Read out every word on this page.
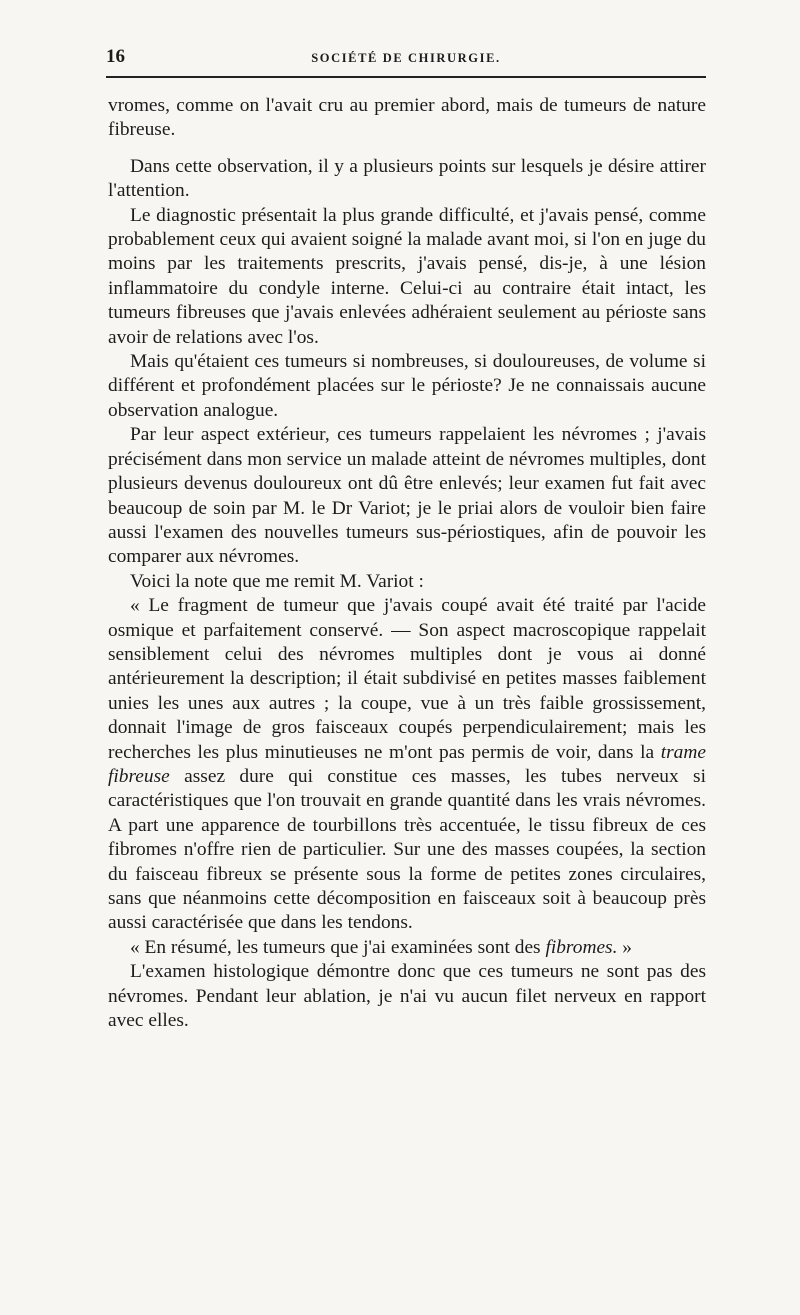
16	SOCIÉTÉ DE CHIRURGIE.

vromes, comme on l'avait cru au premier abord, mais de tumeurs de nature fibreuse.

Dans cette observation, il y a plusieurs points sur lesquels je désire attirer l'attention.

Le diagnostic présentait la plus grande difficulté, et j'avais pensé, comme probablement ceux qui avaient soigné la malade avant moi, si l'on en juge du moins par les traitements prescrits, j'avais pensé, dis-je, à une lésion inflammatoire du condyle interne. Celui-ci au contraire était intact, les tumeurs fibreuses que j'avais enlevées adhéraient seulement au périoste sans avoir de relations avec l'os.

Mais qu'étaient ces tumeurs si nombreuses, si douloureuses, de volume si différent et profondément placées sur le périoste? Je ne connaissais aucune observation analogue.

Par leur aspect extérieur, ces tumeurs rappelaient les névromes ; j'avais précisément dans mon service un malade atteint de névromes multiples, dont plusieurs devenus douloureux ont dû être enlevés; leur examen fut fait avec beaucoup de soin par M. le Dr Variot; je le priai alors de vouloir bien faire aussi l'examen des nouvelles tumeurs sus-périostiques, afin de pouvoir les comparer aux névromes.

Voici la note que me remit M. Variot :

« Le fragment de tumeur que j'avais coupé avait été traité par l'acide osmique et parfaitement conservé. — Son aspect macroscopique rappelait sensiblement celui des névromes multiples dont je vous ai donné antérieurement la description; il était subdivisé en petites masses faiblement unies les unes aux autres ; la coupe, vue à un très faible grossissement, donnait l'image de gros faisceaux coupés perpendiculairement; mais les recherches les plus minutieuses ne m'ont pas permis de voir, dans la trame fibreuse assez dure qui constitue ces masses, les tubes nerveux si caractéristiques que l'on trouvait en grande quantité dans les vrais névromes. A part une apparence de tourbillons très accentuée, le tissu fibreux de ces fibromes n'offre rien de particulier. Sur une des masses coupées, la section du faisceau fibreux se présente sous la forme de petites zones circulaires, sans que néanmoins cette décomposition en faisceaux soit à beaucoup près aussi caractérisée que dans les tendons.

« En résumé, les tumeurs que j'ai examinées sont des fibromes. »

L'examen histologique démontre donc que ces tumeurs ne sont pas des névromes. Pendant leur ablation, je n'ai vu aucun filet nerveux en rapport avec elles.
